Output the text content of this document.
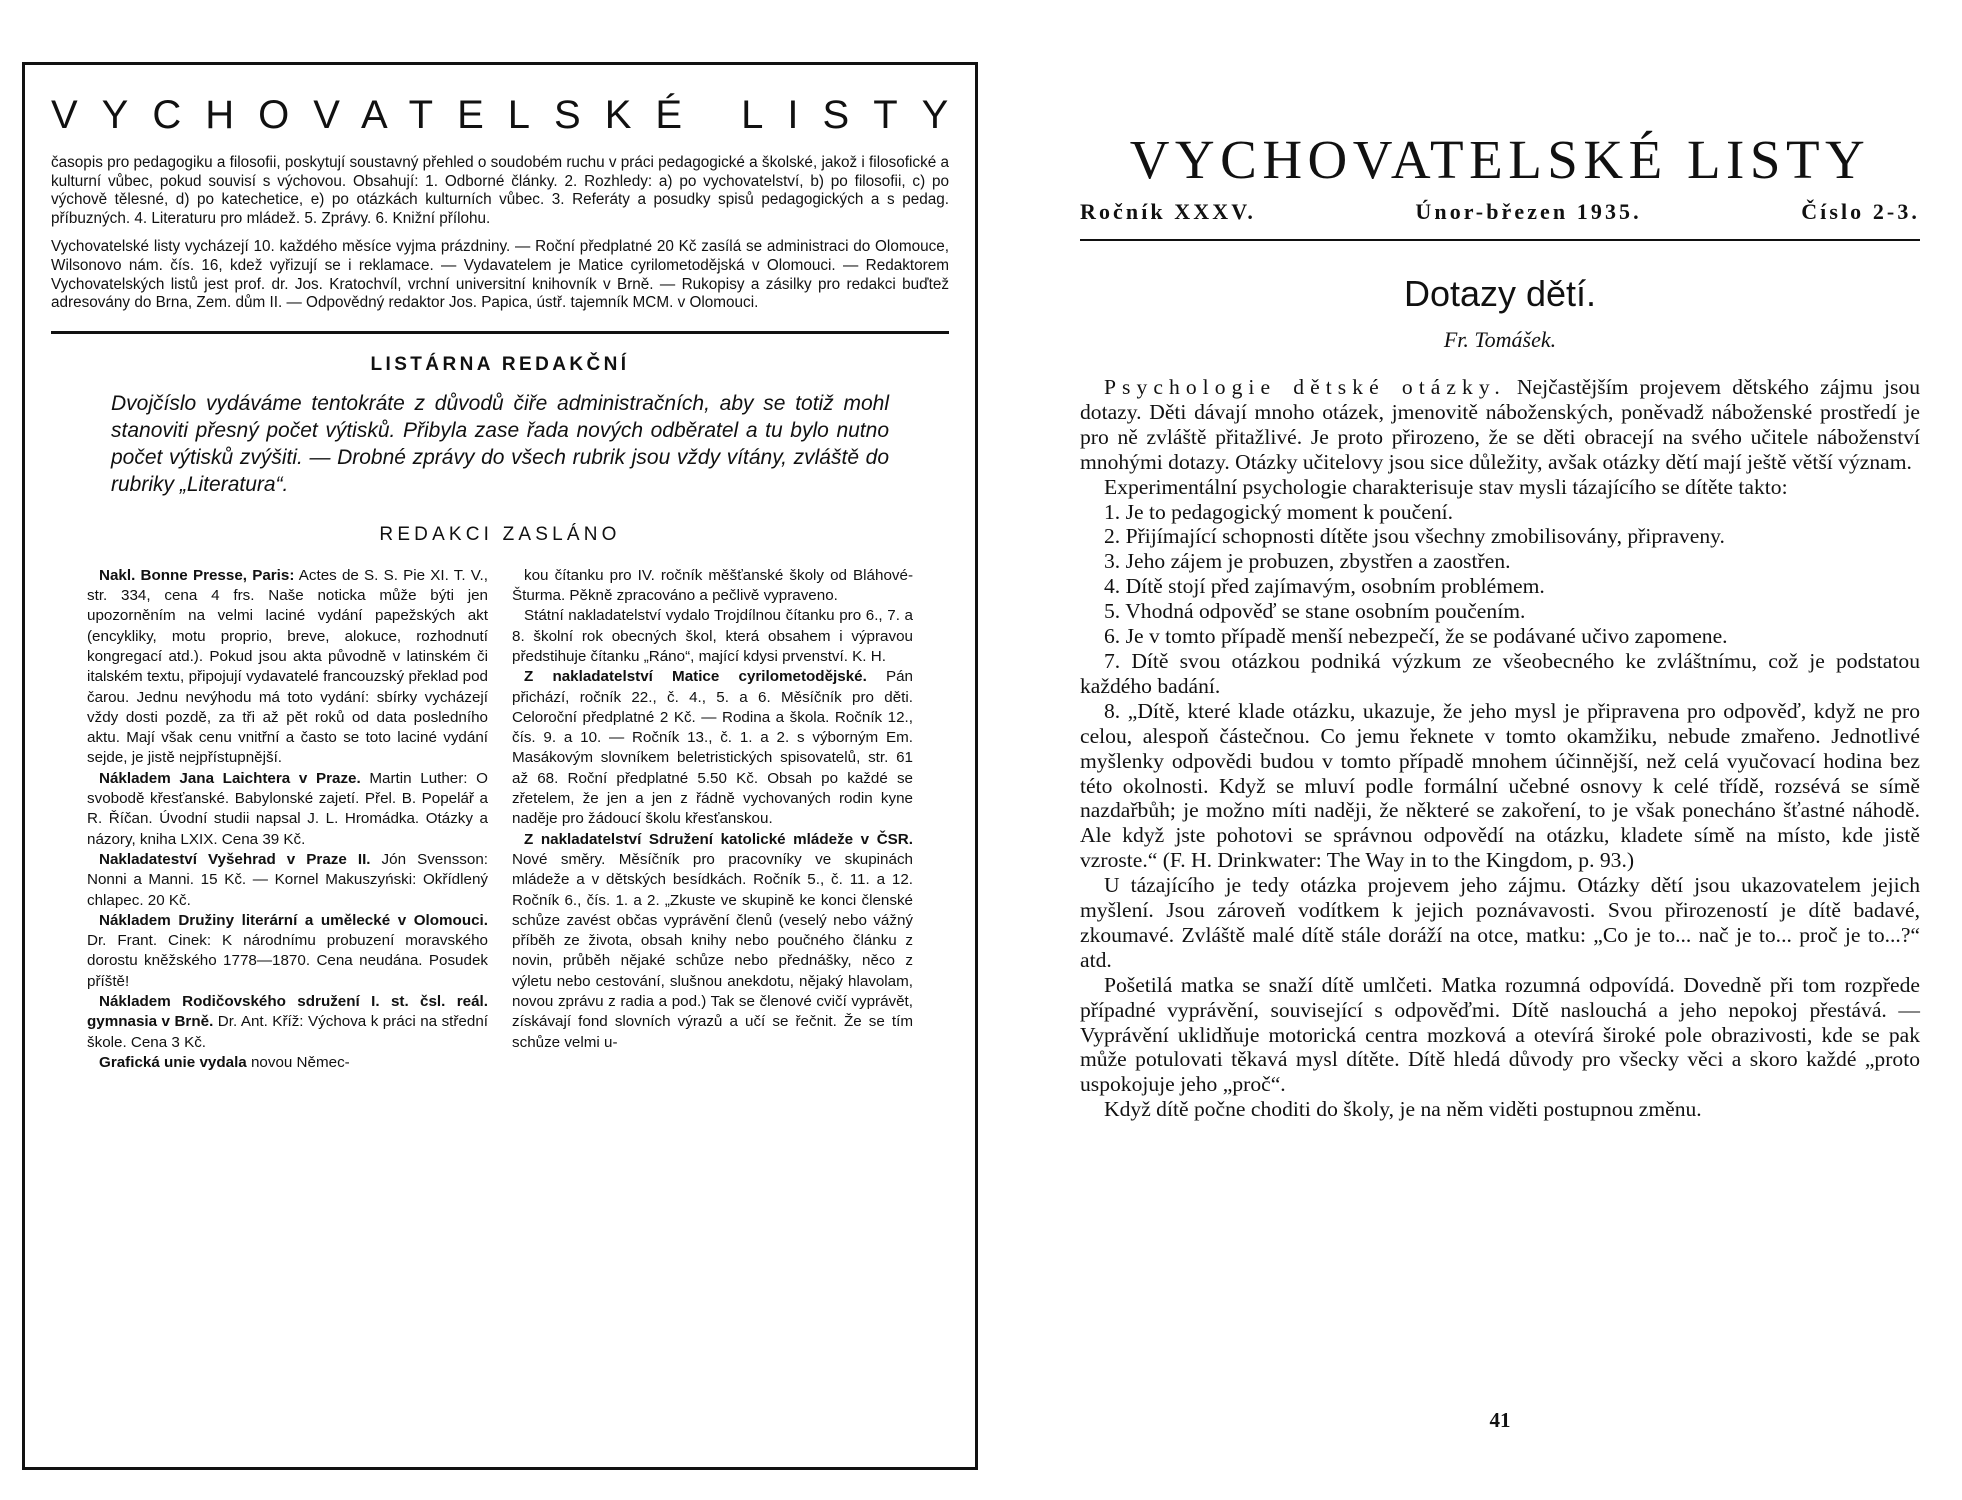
VYCHOVATELSKÉ LISTY
časopis pro pedagogiku a filosofii, poskytují soustavný přehled o soudobém ruchu v práci pedagogické a školské, jakož i filosofické a kulturní vůbec, pokud souvisí s výchovou. Obsahují: 1. Odborné články. 2. Rozhledy: a) po vychovatelství, b) po filosofii, c) po výchově tělesné, d) po katechetice, e) po otázkách kulturních vůbec. 3. Referáty a posudky spisů pedagogických a s pedag. příbuzných. 4. Literaturu pro mládež. 5. Zprávy. 6. Knižní přílohu.
Vychovatelské listy vycházejí 10. každého měsíce vyjma prázdniny. — Roční předplatné 20 Kč zasílá se administraci do Olomouce, Wilsonovo nám. čís. 16, kdež vyřizují se i reklamace. — Vydavatelem je Matice cyrilometodějská v Olomouci. — Redaktorem Vychovatelských listů jest prof. dr. Jos. Kratochvíl, vrchní universitní knihovník v Brně. — Rukopisy a zásilky pro redakci buďtež adresovány do Brna, Zem. dům II. — Odpovědný redaktor Jos. Papica, ústř. tajemník MCM. v Olomouci.
LISTÁRNA REDAKČNÍ
Dvojčíslo vydáváme tentokráte z důvodů čiře administračních, aby se totiž mohl stanoviti přesný počet výtisků. Přibyla zase řada nových odběratel a tu bylo nutno počet výtisků zvýšiti. — Drobné zprávy do všech rubrik jsou vždy vítány, zvláště do rubriky „Literatura“.
REDAKCI ZASLÁNO

Nakl. Bonne Presse, Paris: Actes de S. S. Pie XI. T. V., str. 334, cena 4 frs. Naše noticka může býti jen upozorněním na velmi laciné vydání papežských akt (encykliky, motu proprio, breve, alokuce, rozhodnutí kongregací atd.). Pokud jsou akta původně v latinském či italském textu, připojují vydavatelé francouzský překlad pod čarou. Jednu nevýhodu má toto vydání: sbírky vycházejí vždy dosti pozdě, za tři až pět roků od data posledního aktu. Mají však cenu vnitřní a často se toto laciné vydání sejde, je jistě nejpřístupnější.

Nákladem Jana Laichtera v Praze. Martin Luther: O svobodě křesťanské. Babylonské zajetí. Přel. B. Popelář a R. Říčan. Úvodní studii napsal J. L. Hromádka. Otázky a názory, kniha LXIX. Cena 39 Kč.

Nakladateství Vyšehrad v Praze II. Jón Svensson: Nonni a Manni. 15 Kč. — Kornel Makuszyński: Okřídlený chlapec. 20 Kč.

Nákladem Družiny literární a umělecké v Olomouci. Dr. Frant. Cinek: K národnímu probuzení moravského dorostu kněžského 1778—1870. Cena neudána. Posudek příště!

Nákladem Rodičovského sdružení I. st. čsl. reál. gymnasia v Brně. Dr. Ant. Kříž: Výchova k práci na střední škole. Cena 3 Kč.

Grafická unie vydala novou Němec-

kou čítanku pro IV. ročník měšťanské školy od Bláhové-Šturma. Pěkně zpracováno a pečlivě vypraveno.

Státní nakladatelství vydalo Trojdílnou čítanku pro 6., 7. a 8. školní rok obecných škol, která obsahem i výpravou předstihuje čítanku „Ráno“, mající kdysi prvenství. K. H.

Z nakladatelství Matice cyrilometodějské. Pán přichází, ročník 22., č. 4., 5. a 6. Měsíčník pro děti. Celoroční předplatné 2 Kč. — Rodina a škola. Ročník 12., čís. 9. a 10. — Ročník 13., č. 1. a 2. s výborným Em. Masákovým slovníkem beletristických spisovatelů, str. 61 až 68. Roční předplatné 5.50 Kč. Obsah po každé se zřetelem, že jen a jen z řádně vychovaných rodin kyne naděje pro žádoucí školu křesťanskou.

Z nakladatelství Sdružení katolické mládeže v ČSR. Nové směry. Měsíčník pro pracovníky ve skupinách mládeže a v dětských besídkách. Ročník 5., č. 11. a 12. Ročník 6., čís. 1. a 2. „Zkuste ve skupině ke konci členské schůze zavést občas vyprávění členů (veselý nebo vážný příběh ze života, obsah knihy nebo poučného článku z novin, průběh nějaké schůze nebo přednášky, něco z výletu nebo cestování, slušnou anekdotu, nějaký hlavolam, novou zprávu z radia a pod.) Tak se členové cvičí vyprávět, získávají fond slovních výrazů a učí se řečnit. Že se tím schůze velmi u-

VYCHOVATELSKÉ LISTY
Ročník XXXV.	Únor-březen 1935.	Číslo 2-3.
Dotazy dětí.
Fr. Tomášek.

Psychologie dětské otázky. Nejčastějším projevem dětského zájmu jsou dotazy. Děti dávají mnoho otázek, jmenovitě náboženských, poněvadž náboženské prostředí je pro ně zvláště přitažlivé. Je proto přirozeno, že se děti obracejí na svého učitele náboženství mnohými dotazy. Otázky učitelovy jsou sice důležity, avšak otázky dětí mají ještě větší význam.

Experimentální psychologie charakterisuje stav mysli tázajícího se dítěte takto:

1. Je to pedagogický moment k poučení.

2. Přijímající schopnosti dítěte jsou všechny zmobilisovány, připraveny.

3. Jeho zájem je probuzen, zbystřen a zaostřen.

4. Dítě stojí před zajímavým, osobním problémem.

5. Vhodná odpověď se stane osobním poučením.

6. Je v tomto případě menší nebezpečí, že se podávané učivo zapomene.

7. Dítě svou otázkou podniká výzkum ze všeobecného ke zvláštnímu, což je podstatou každého badání.

8. „Dítě, které klade otázku, ukazuje, že jeho mysl je připravena pro odpověď, když ne pro celou, alespoň částečnou. Co jemu řeknete v tomto okamžiku, nebude zmařeno. Jednotlivé myšlenky odpovědi budou v tomto případě mnohem účinnější, než celá vyučovací hodina bez této okolnosti. Když se mluví podle formální učebné osnovy k celé třídě, rozsévá se símě nazdařbůh; je možno míti naději, že některé se zakoření, to je však ponecháno šťastné náhodě. Ale když jste pohotovi se správnou odpovědí na otázku, kladete símě na místo, kde jistě vzroste.“ (F. H. Drinkwater: The Way in to the Kingdom, p. 93.)

U tázajícího je tedy otázka projevem jeho zájmu. Otázky dětí jsou ukazovatelem jejich myšlení. Jsou zároveň vodítkem k jejich poznávavosti. Svou přirozeností je dítě badavé, zkoumavé. Zvláště malé dítě stále doráží na otce, matku: „Co je to... nač je to... proč je to...?“ atd.

Pošetilá matka se snaží dítě umlčeti. Matka rozumná odpovídá. Dovedně při tom rozpřede případné vyprávění, související s odpověďmi. Dítě naslouchá a jeho nepokoj přestává. — Vyprávění uklidňuje motorická centra mozková a otevírá široké pole obrazivosti, kde se pak může potulovati těkavá mysl dítěte. Dítě hledá důvody pro všecky věci a skoro každé „proto uspokojuje jeho „proč“.

Když dítě počne choditi do školy, je na něm viděti postupnou změnu.

41
